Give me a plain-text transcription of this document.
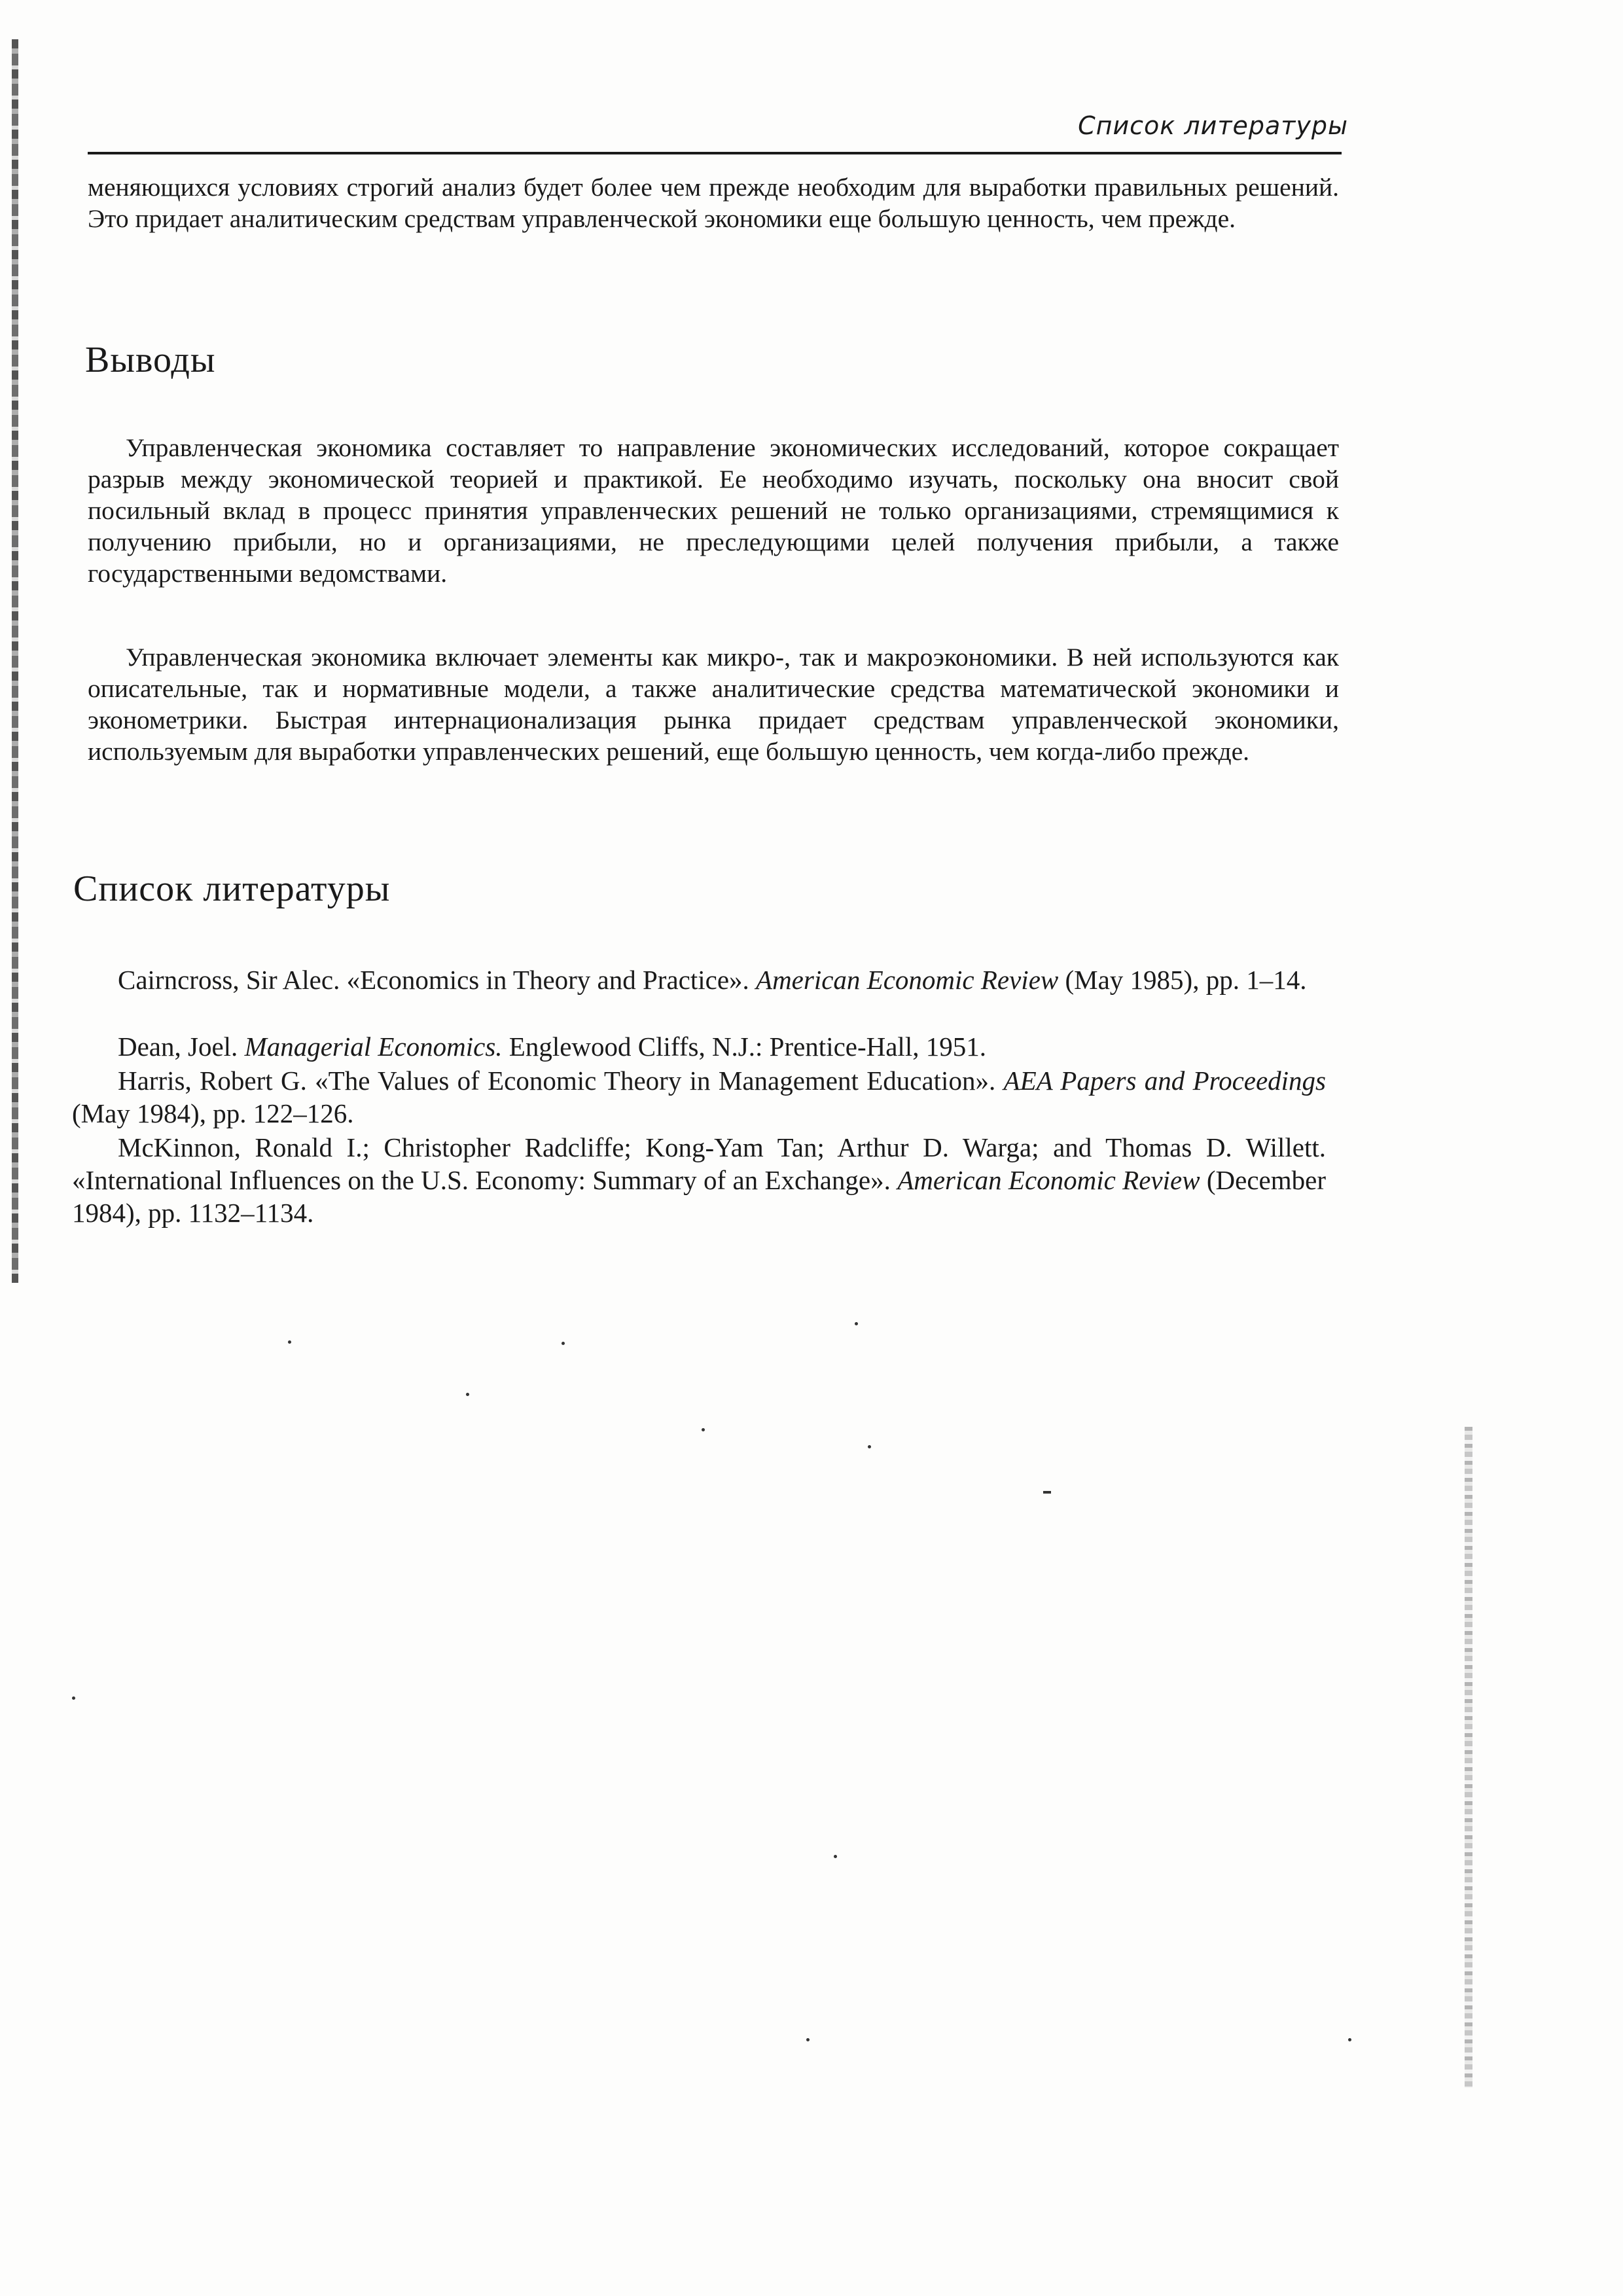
Список литературы
меняющихся условиях строгий анализ будет более чем прежде необходим для выработки правильных решений. Это придает аналитическим средствам управленческой экономики еще большую ценность, чем прежде.
Выводы
Управленческая экономика составляет то направление экономических исследований, которое сокращает разрыв между экономической теорией и практикой. Ее необходимо изучать, поскольку она вносит свой посильный вклад в процесс принятия управленческих решений не только организациями, стремящимися к получению прибыли, но и организациями, не преследующими целей получения прибыли, а также государственными ведомствами.
Управленческая экономика включает элементы как микро-, так и макроэкономики. В ней используются как описательные, так и нормативные модели, а также аналитические средства математической экономики и эконометрики. Быстрая интернационализация рынка придает средствам управленческой экономики, используемым для выработки управленческих решений, еще большую ценность, чем когда-либо прежде.
Список литературы
Cairncross, Sir Alec. «Economics in Theory and Practice». American Economic Review (May 1985), pp. 1–14.
Dean, Joel. Managerial Economics. Englewood Cliffs, N.J.: Prentice-Hall, 1951.
Harris, Robert G. «The Values of Economic Theory in Management Education». AEA Papers and Proceedings (May 1984), pp. 122–126.
McKinnon, Ronald I.; Christopher Radcliffe; Kong-Yam Tan; Arthur D. Warga; and Thomas D. Willett. «International Influences on the U.S. Economy: Summary of an Exchange». American Economic Review (December 1984), pp. 1132–1134.
